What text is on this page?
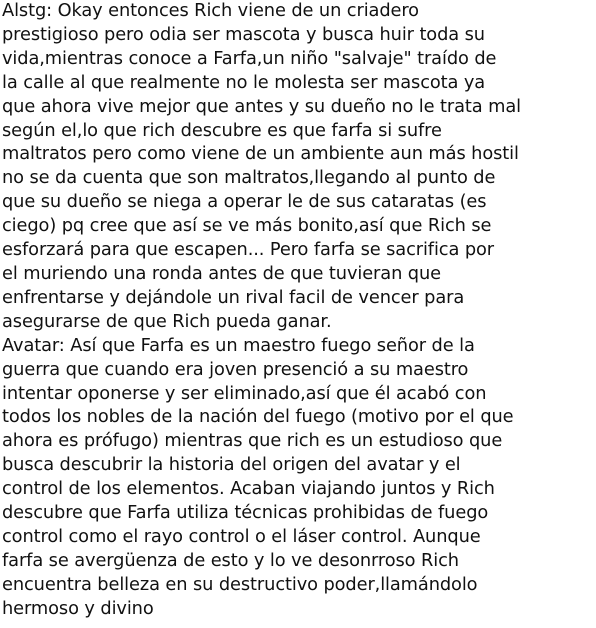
Alstg: Okay entonces Rich viene de un criadero
prestigioso pero odia ser mascota y busca huir toda su
vida,mientras conoce a Farfa,un niño "salvaje" traído de
la calle al que realmente no le molesta ser mascota ya
que ahora vive mejor que antes y su dueño no le trata mal
según el,lo que rich descubre es que farfa si sufre
maltratos pero como viene de un ambiente aun más hostil
no se da cuenta que son maltratos,llegando al punto de
que su dueño se niega a operar le de sus cataratas (es
ciego) pq cree que así se ve más bonito,así que Rich se
esforzará para que escapen... Pero farfa se sacrifica por
el muriendo una ronda antes de que tuvieran que
enfrentarse y dejándole un rival facil de vencer para
asegurarse de que Rich pueda ganar.
Avatar: Así que Farfa es un maestro fuego señor de la
guerra que cuando era joven presenció a su maestro
intentar oponerse y ser eliminado,así que él acabó con
todos los nobles de la nación del fuego (motivo por el que
ahora es prófugo) mientras que rich es un estudioso que
busca descubrir la historia del origen del avatar y el
control de los elementos. Acaban viajando juntos y Rich
descubre que Farfa utiliza técnicas prohibidas de fuego
control como el rayo control o el láser control. Aunque
farfa se avergüenza de esto y lo ve desonrroso Rich
encuentra belleza en su destructivo poder,llamándolo
hermoso y divino
